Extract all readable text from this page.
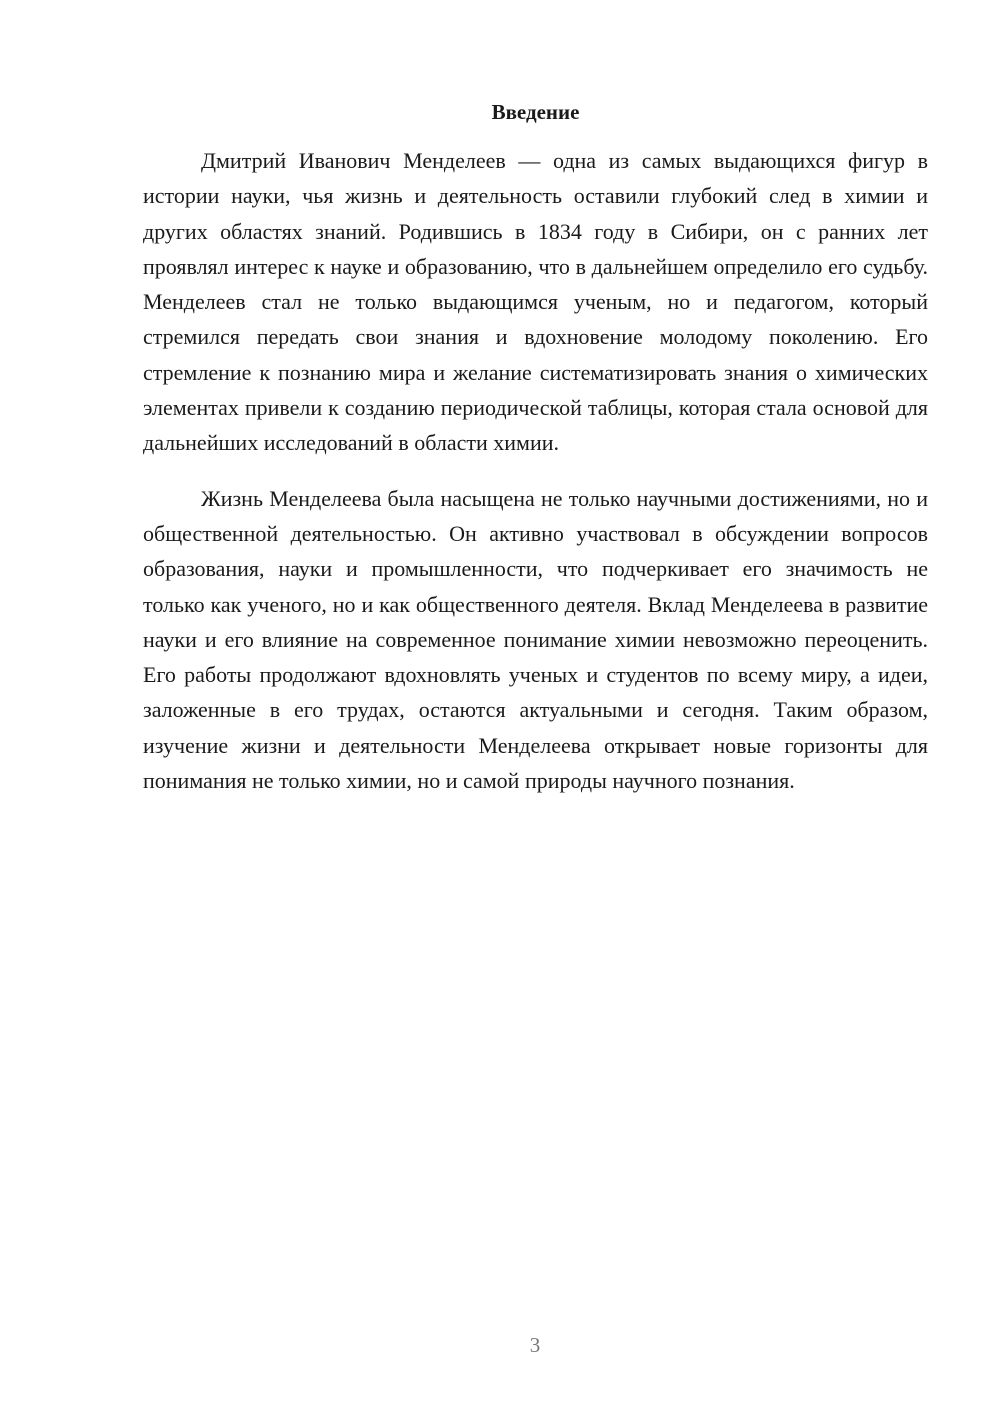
Введение

Дмитрий Иванович Менделеев — одна из самых выдающихся фигур в истории науки, чья жизнь и деятельность оставили глубокий след в химии и других областях знаний. Родившись в 1834 году в Сибири, он с ранних лет проявлял интерес к науке и образованию, что в дальнейшем определило его судьбу. Менделеев стал не только выдающимся ученым, но и педагогом, который стремился передать свои знания и вдохновение молодому поколению. Его стремление к познанию мира и желание систематизировать знания о химических элементах привели к созданию периодической таблицы, которая стала основой для дальнейших исследований в области химии.

Жизнь Менделеева была насыщена не только научными достижениями, но и общественной деятельностью. Он активно участвовал в обсуждении вопросов образования, науки и промышленности, что подчеркивает его значимость не только как ученого, но и как общественного деятеля. Вклад Менделеева в развитие науки и его влияние на современное понимание химии невозможно переоценить. Его работы продолжают вдохновлять ученых и студентов по всему миру, а идеи, заложенные в его трудах, остаются актуальными и сегодня. Таким образом, изучение жизни и деятельности Менделеева открывает новые горизонты для понимания не только химии, но и самой природы научного познания.

3
